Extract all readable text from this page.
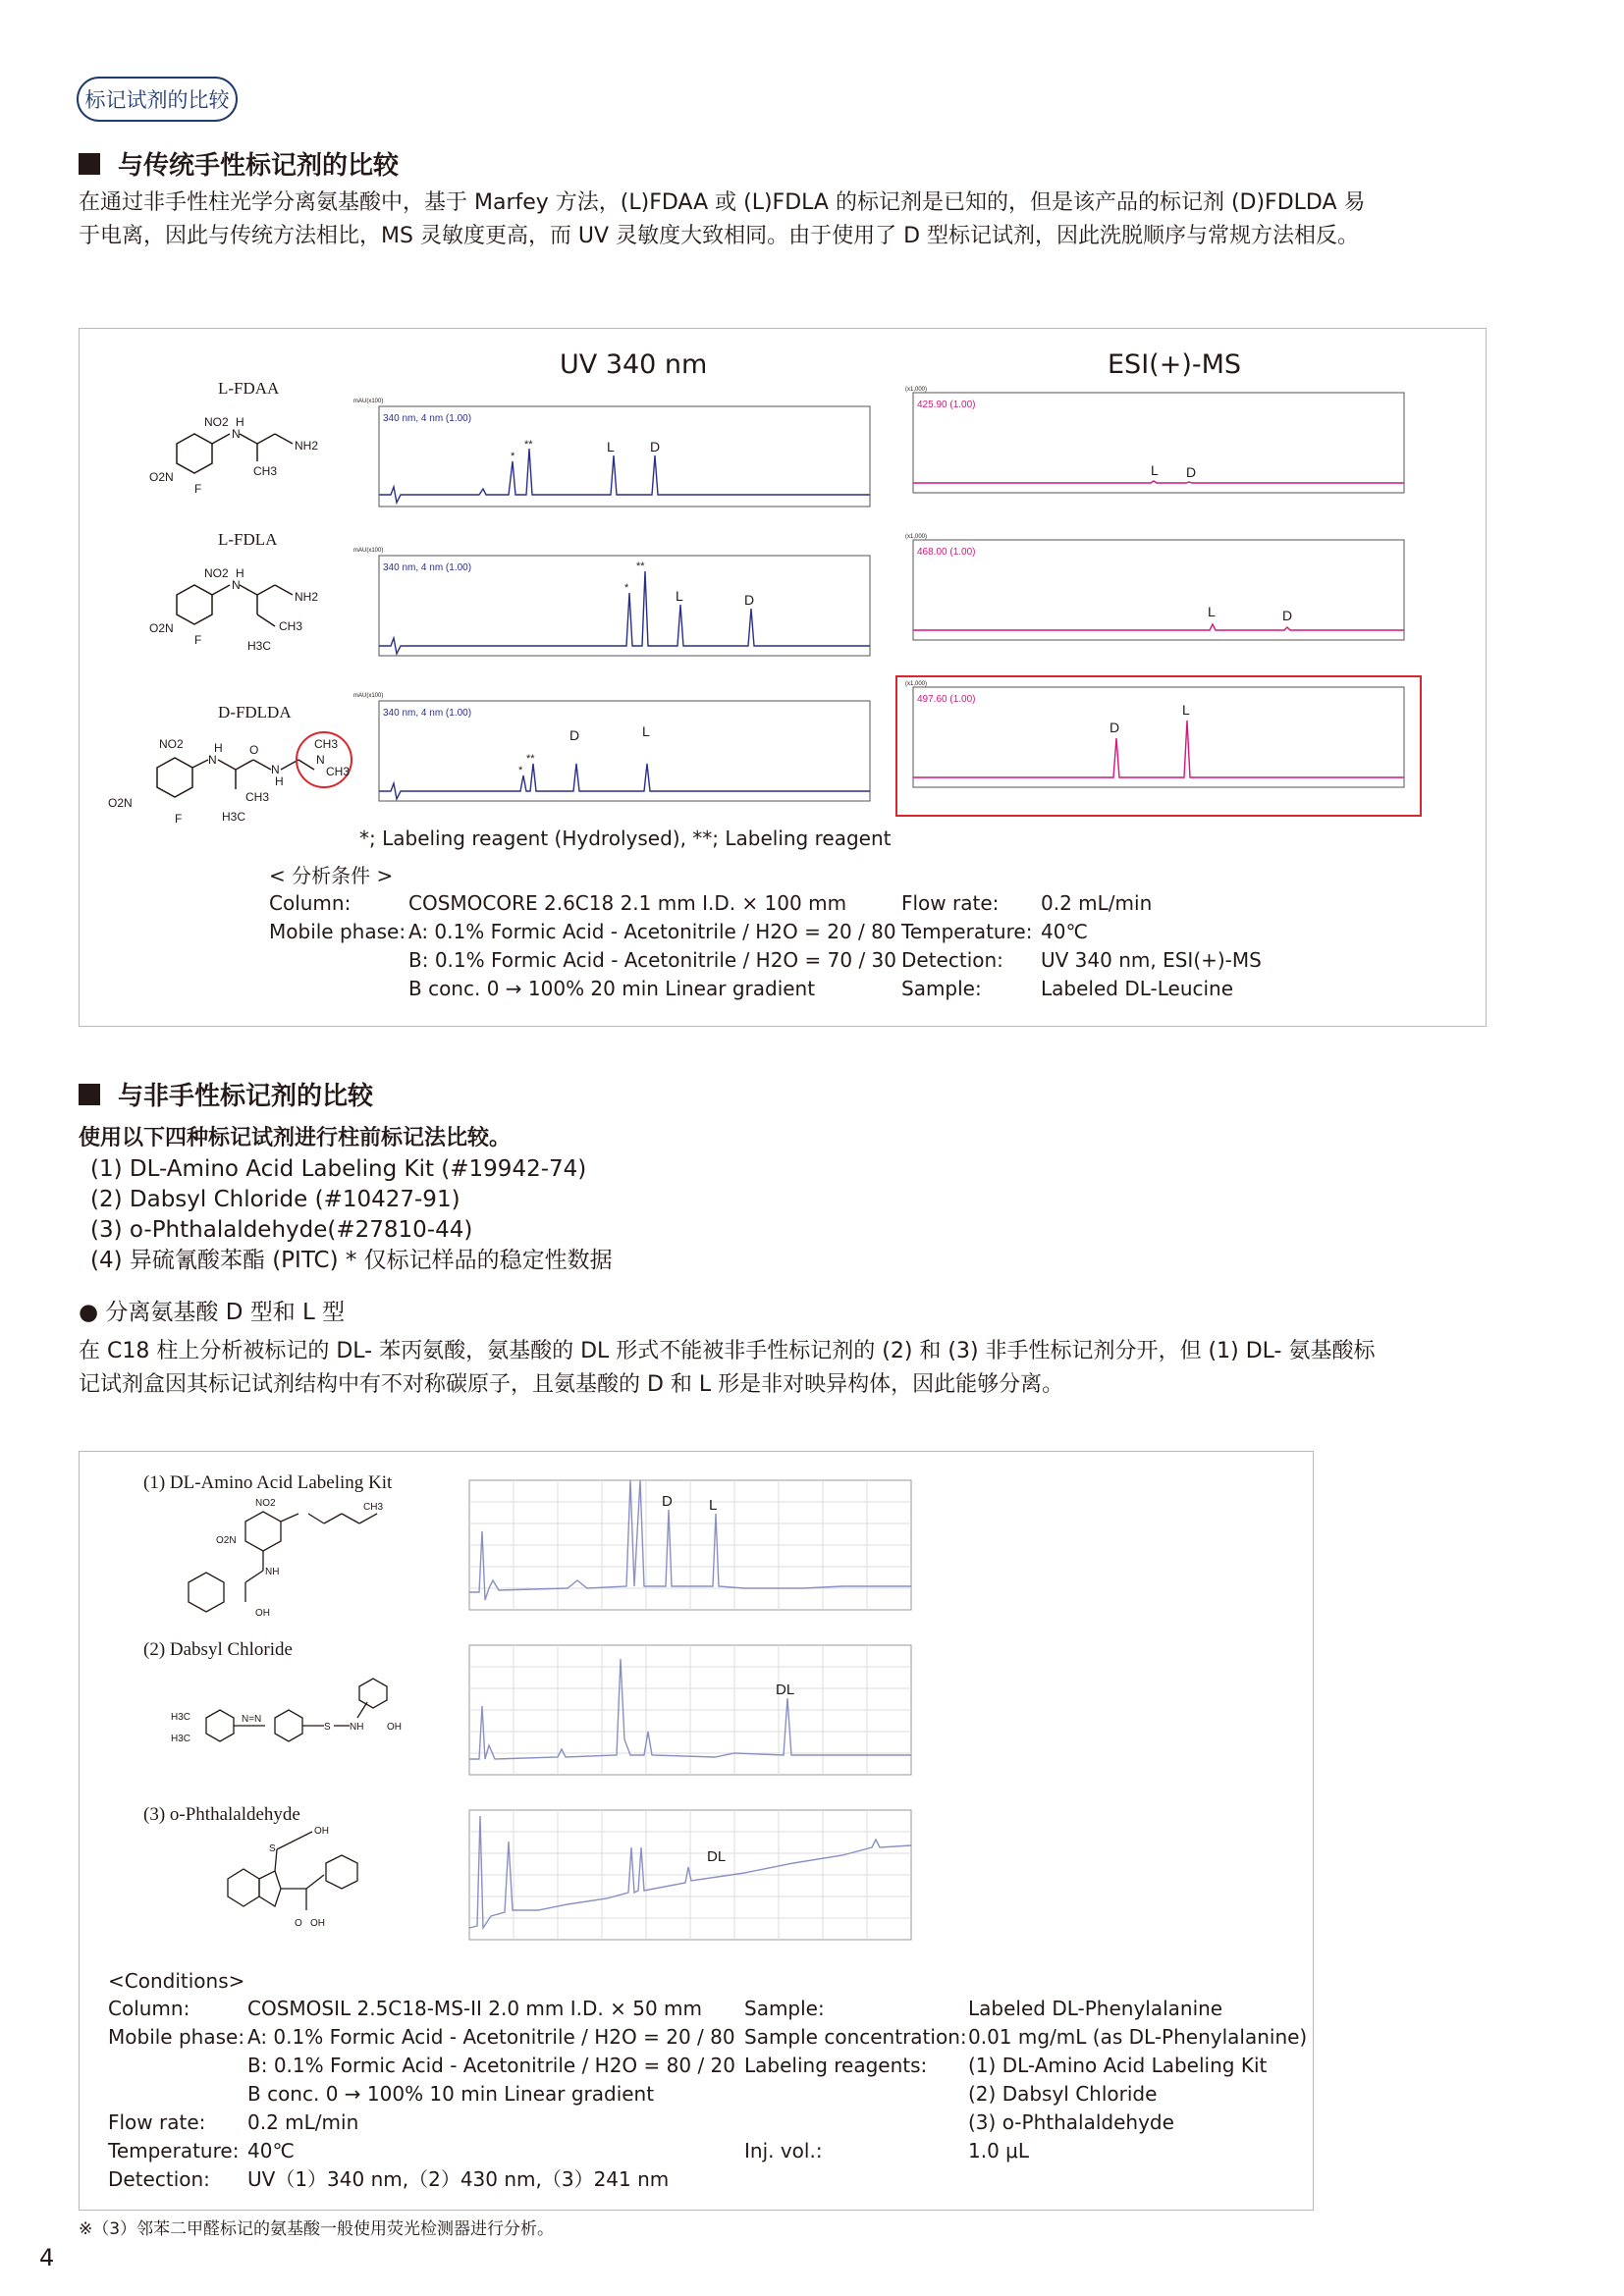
标记试剂的比较
与传统手性标记剂的比较
在通过非手性柱光学分离氨基酸中，基于 Marfey 方法，(L)FDAA 或 (L)FDLA 的标记剂是已知的，但是该产品的标记剂 (D)FDLDA 易
于电离，因此与传统方法相比，MS 灵敏度更高，而 UV 灵敏度大致相同。由于使用了 D 型标记试剂，因此洗脱顺序与常规方法相反。
UV 340 nm	ESI(+)-MS
L-FDAA
L-FDLA
D-FDLDA
NO2
N
H
NH2
CH3
O2N
F
NO2
N
H
NH2
CH3
H3C
O2N
F
NO2
N
H O
N
H
CH3
N
CH3
CH3
H3C
O2N
F
340 nm, 4 nm (1.00)
mAU(x100)
*
**	L	D
340 nm, 4 nm (1.00)
mAU(x100)
*
**
L	D
340 nm, 4 nm (1.00)
mAU(x100)
*
**
D	L
425.90 (1.00)
(x1,000)
L D
468.00 (1.00)
(x1,000)
L	D
497.60 (1.00)
(x1,000)
D
L
*; Labeling reagent (Hydrolysed), **; Labeling reagent
< 分析条件 >
Column:	COSMOCORE 2.6C18 2.1 mm I.D. × 100 mm
Mobile phase: A: 0.1% Formic Acid - Acetonitrile / H2O = 20 / 80
B: 0.1% Formic Acid - Acetonitrile / H2O = 70 / 30
B conc. 0 → 100% 20 min Linear gradient
Flow rate:	0.2 mL/min
Temperature: 40℃
Detection:	UV 340 nm, ESI(+)-MS
Sample:	Labeled DL-Leucine
与非手性标记剂的比较
使用以下四种标记试剂进行柱前标记法比较。
(1) DL-Amino Acid Labeling Kit (#19942-74)
(2) Dabsyl Chloride (#10427-91)
(3) o-Phthalaldehyde(#27810-44)
(4) 异硫氰酸苯酯 (PITC) * 仅标记样品的稳定性数据
● 分离氨基酸 D 型和 L 型
在 C18 柱上分析被标记的 DL- 苯丙氨酸，氨基酸的 DL 形式不能被非手性标记剂的 (2) 和 (3) 非手性标记剂分开，但 (1) DL- 氨基酸标
记试剂盒因其标记试剂结构中有不对称碳原子，且氨基酸的 D 和 L 形是非对映异构体，因此能够分离。
(1) DL-Amino Acid Labeling Kit
(2) Dabsyl Chloride
(3) o-Phthalaldehyde
NO2
O2N
CH3
NH
OH
H3C
H3C
N=N
S NH OH
S
OH
OH
O
D L
DL
DL
<Conditions>
Column:	COSMOSIL 2.5C18-MS-II 2.0 mm I.D. × 50 mm
Mobile phase: A: 0.1% Formic Acid - Acetonitrile / H2O = 20 / 80
B: 0.1% Formic Acid - Acetonitrile / H2O = 80 / 20
B conc. 0 → 100% 10 min Linear gradient
Flow rate:	0.2 mL/min
Temperature: 40℃
Detection:	UV（1）340 nm,（2）430 nm,（3）241 nm
Sample:	Labeled DL-Phenylalanine
Sample concentration: 0.01 mg/mL (as DL-Phenylalanine)
Labeling reagents:	(1) DL-Amino Acid Labeling Kit
(2) Dabsyl Chloride
(3) o-Phthalaldehyde
Inj. vol.:	1.0 μL
※（3）邻苯二甲醛标记的氨基酸一般使用荧光检测器进行分析。
4
